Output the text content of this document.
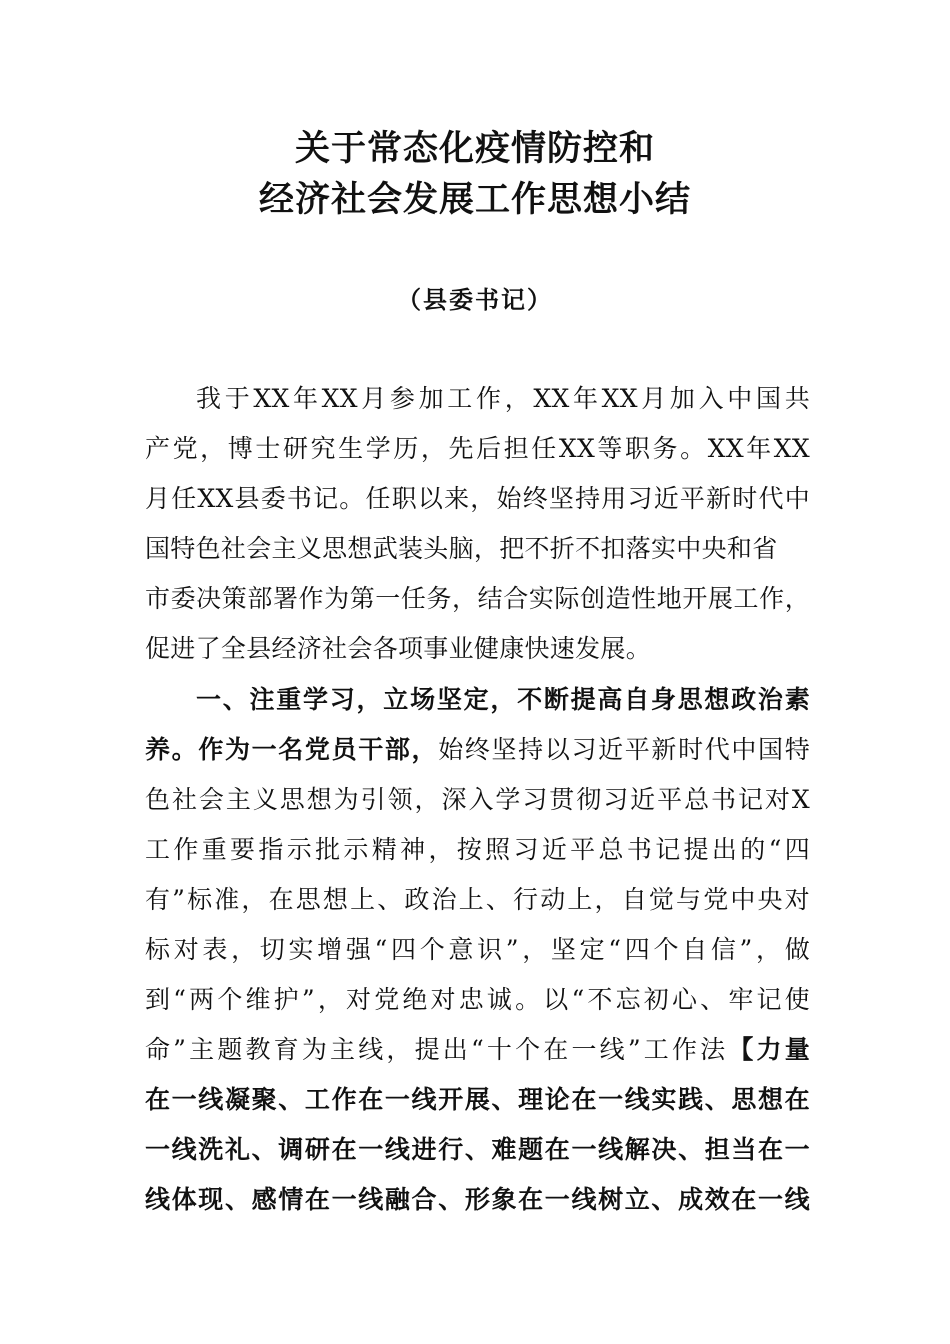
关于常态化疫情防控和
经济社会发展工作思想小结
（县委书记）
我于XX年XX月参加工作，XX年XX月加入中国共
产党，博士研究生学历，先后担任XX等职务。XX年XX
月任XX县委书记。任职以来，始终坚持用习近平新时代中
国特色社会主义思想武装头脑，把不折不扣落实中央和省
市委决策部署作为第一任务，结合实际创造性地开展工作，
促进了全县经济社会各项事业健康快速发展。
一、注重学习，立场坚定，不断提高自身思想政治素
养。作为一名党员干部，始终坚持以习近平新时代中国特
色社会主义思想为引领，深入学习贯彻习近平总书记对X
工作重要指示批示精神，按照习近平总书记提出的“四
有”标准，在思想上、政治上、行动上，自觉与党中央对
标对表，切实增强“四个意识”，坚定“四个自信”，做
到“两个维护”，对党绝对忠诚。以“不忘初心、牢记使
命”主题教育为主线，提出“十个在一线”工作法【力量
在一线凝聚、工作在一线开展、理论在一线实践、思想在
一线洗礼、调研在一线进行、难题在一线解决、担当在一
线体现、感情在一线融合、形象在一线树立、成效在一线
